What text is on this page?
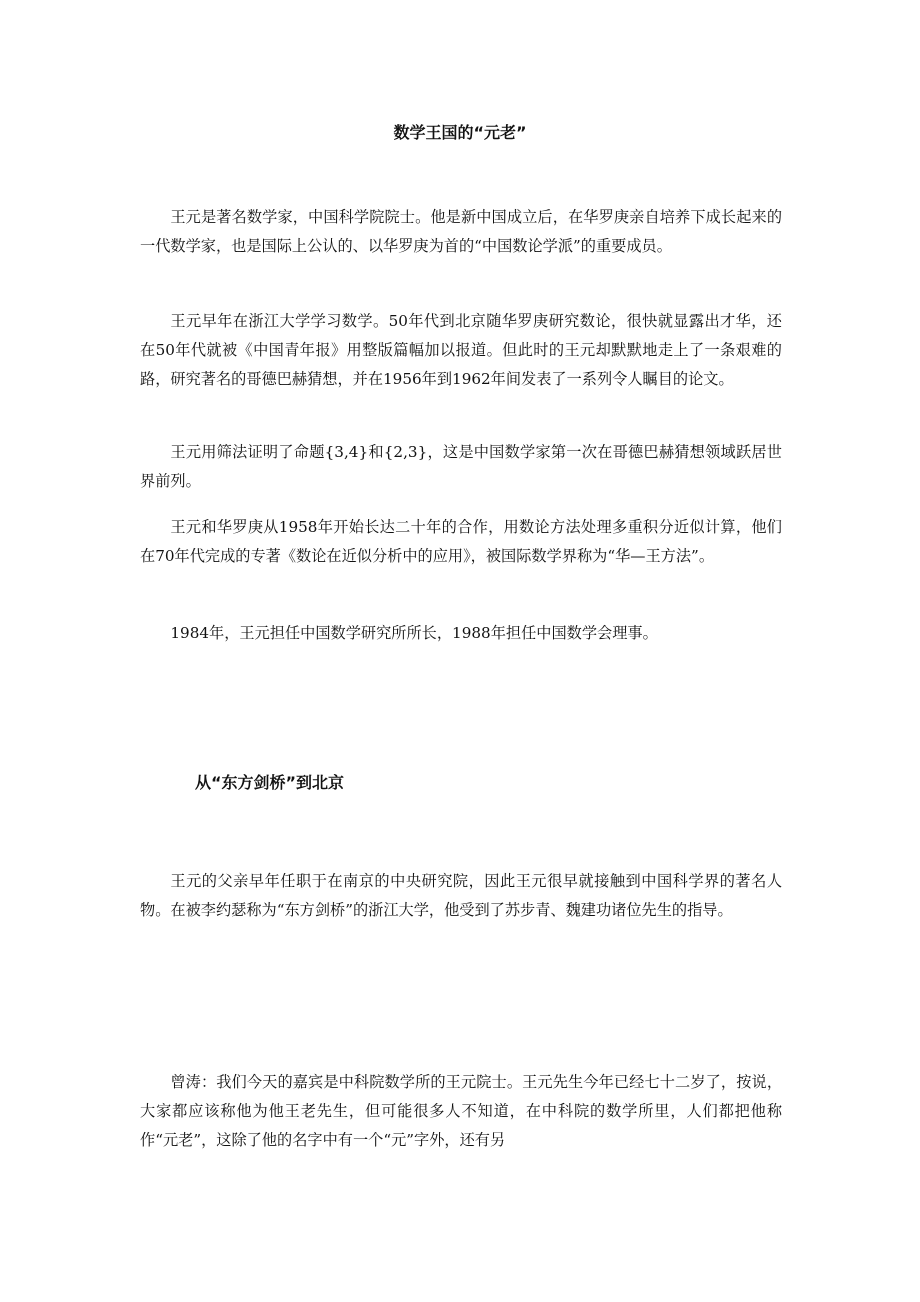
数学王国的“元老”

王元是著名数学家，中国科学院院士。他是新中国成立后，在华罗庚亲自培养下成长起来的一代数学家，也是国际上公认的、以华罗庚为首的“中国数论学派”的重要成员。

王元早年在浙江大学学习数学。50年代到北京随华罗庚研究数论，很快就显露出才华，还在50年代就被《中国青年报》用整版篇幅加以报道。但此时的王元却默默地走上了一条艰难的路，研究著名的哥德巴赫猜想，并在1956年到1962年间发表了一系列令人瞩目的论文。

王元用筛法证明了命题{3,4}和{2,3}，这是中国数学家第一次在哥德巴赫猜想领域跃居世界前列。

王元和华罗庚从1958年开始长达二十年的合作，用数论方法处理多重积分近似计算，他们在70年代完成的专著《数论在近似分析中的应用》，被国际数学界称为“华—王方法”。

1984年，王元担任中国数学研究所所长，1988年担任中国数学会理事。

从“东方剑桥”到北京

王元的父亲早年任职于在南京的中央研究院，因此王元很早就接触到中国科学界的著名人物。在被李约瑟称为“东方剑桥”的浙江大学，他受到了苏步青、魏建功诸位先生的指导。

曾涛：我们今天的嘉宾是中科院数学所的王元院士。王元先生今年已经七十二岁了，按说，大家都应该称他为他王老先生，但可能很多人不知道，在中科院的数学所里，人们都把他称作“元老”，这除了他的名字中有一个“元”字外，还有另
